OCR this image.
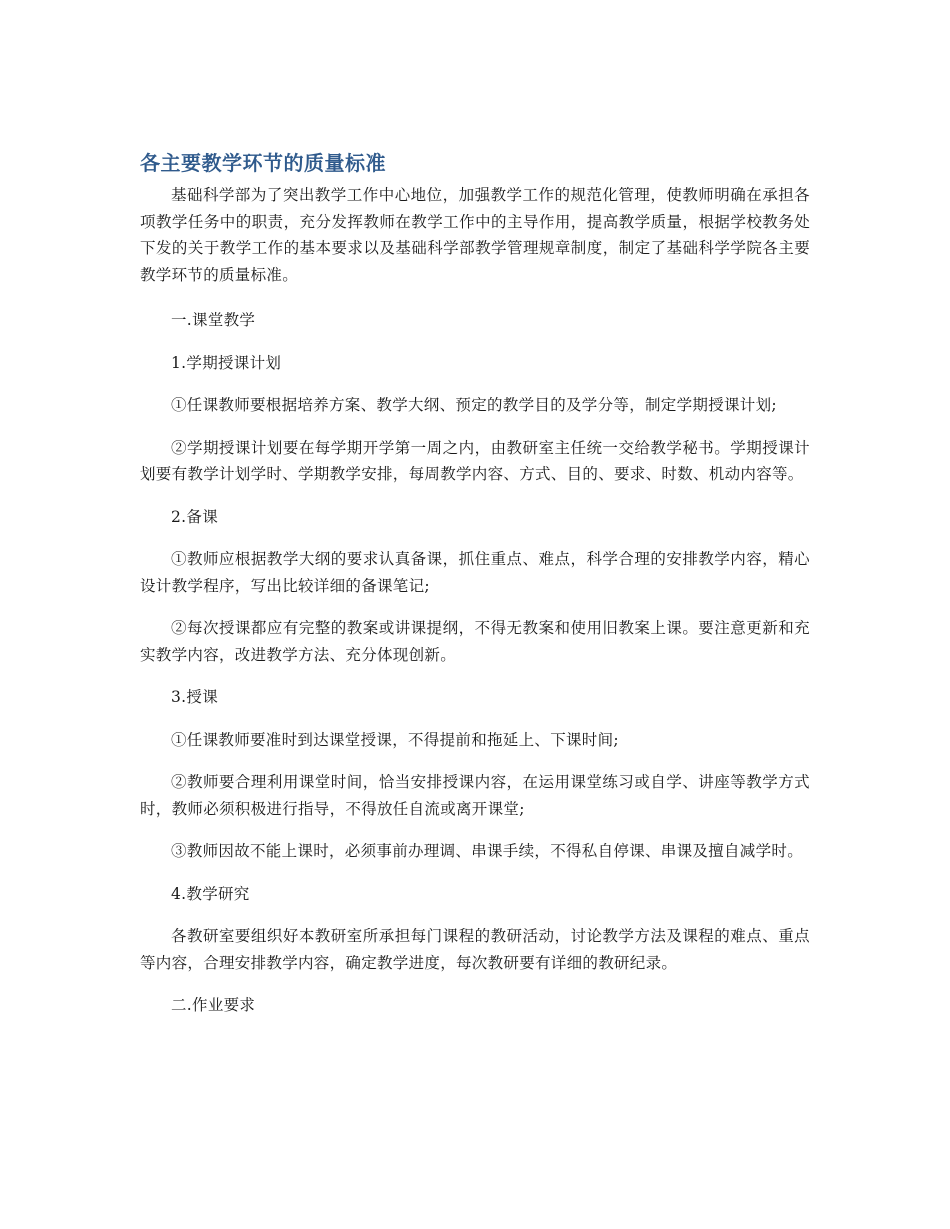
各主要教学环节的质量标准

基础科学部为了突出教学工作中心地位，加强教学工作的规范化管理，使教师明确在承担各项教学任务中的职责，充分发挥教师在教学工作中的主导作用，提高教学质量，根据学校教务处下发的关于教学工作的基本要求以及基础科学部教学管理规章制度，制定了基础科学学院各主要教学环节的质量标准。

一.课堂教学

1.学期授课计划

①任课教师要根据培养方案、教学大纲、预定的教学目的及学分等，制定学期授课计划;

②学期授课计划要在每学期开学第一周之内，由教研室主任统一交给教学秘书。学期授课计划要有教学计划学时、学期教学安排，每周教学内容、方式、目的、要求、时数、机动内容等。

2.备课

①教师应根据教学大纲的要求认真备课，抓住重点、难点，科学合理的安排教学内容，精心设计教学程序，写出比较详细的备课笔记;

②每次授课都应有完整的教案或讲课提纲，不得无教案和使用旧教案上课。要注意更新和充实教学内容，改进教学方法、充分体现创新。

3.授课

①任课教师要准时到达课堂授课，不得提前和拖延上、下课时间;

②教师要合理利用课堂时间，恰当安排授课内容，在运用课堂练习或自学、讲座等教学方式时，教师必须积极进行指导，不得放任自流或离开课堂;

③教师因故不能上课时，必须事前办理调、串课手续，不得私自停课、串课及擅自减学时。

4.教学研究

各教研室要组织好本教研室所承担每门课程的教研活动，讨论教学方法及课程的难点、重点等内容，合理安排教学内容，确定教学进度，每次教研要有详细的教研纪录。

二.作业要求
